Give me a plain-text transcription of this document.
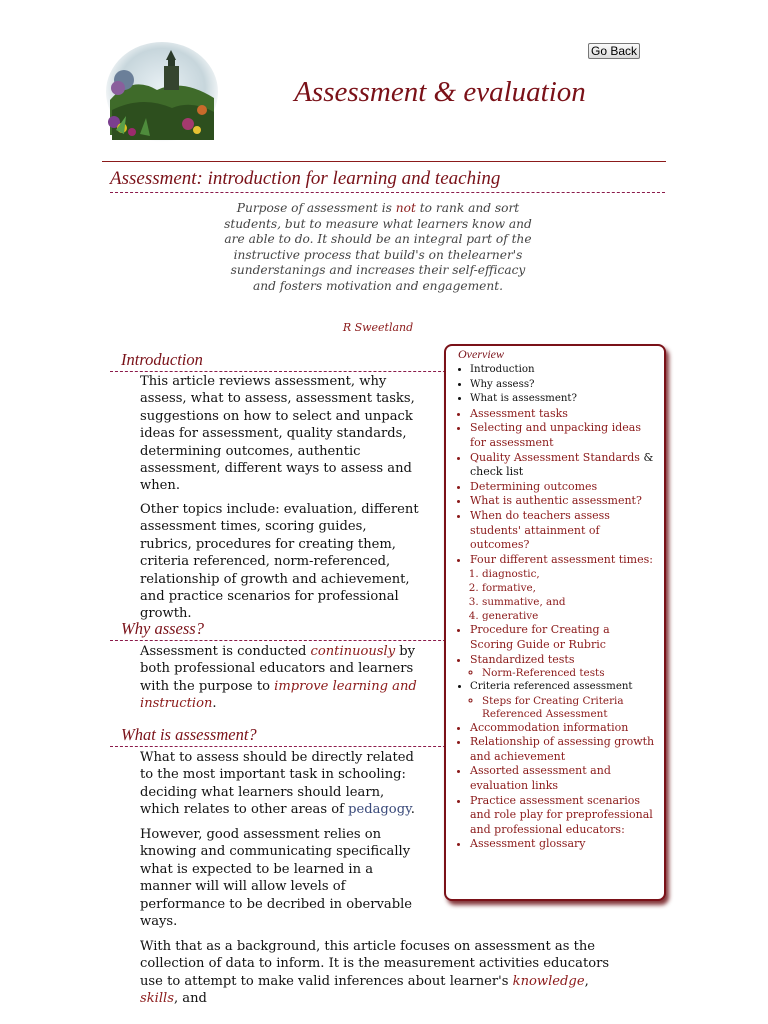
Go Back
Assessment & evaluation
Assessment: introduction for learning and teaching
Purpose of assessment is not to rank and sort students, but to measure what learners know and are able to do. It should be an integral part of the instructive process that build's on thelearner's sunderstanings and increases their self-efficacy and fosters motivation and engagement.
R Sweetland
Introduction

This article reviews assessment, why assess, what to assess, assessment tasks, suggestions on how to select and unpack ideas for assessment, quality standards, determining outcomes, authentic assessment, different ways to assess and when.

Other topics include: evaluation, different assessment times, scoring guides, rubrics, procedures for creating them, criteria referenced, norm-referenced, relationship of growth and achievement, and practice scenarios for professional growth.

Why assess?

Assessment is conducted continuously by both professional educators and learners with the purpose to improve learning and instruction.

What is assessment?

What to assess should be directly related to the most important task in schooling: deciding what learners should learn, which relates to other areas of pedagogy.

However, good assessment relies on knowing and communicating specifically what is expected to be learned in a manner will will allow levels of performance to be decribed in obervable ways.

With that as a background, this article focuses on assessment as the collection of data to inform. It is the measurement activities educators use to attempt to make valid inferences about learner's knowledge, skills, and

Overview
• Introduction
• Why assess?
• What is assessment?
• Assessment tasks
• Selecting and unpacking ideas for assessment
• Quality Assessment Standards & check list
• Determining outcomes
• What is authentic assessment?
• When do teachers assess students' attainment of outcomes?
• Four different assessment times:
1. diagnostic,
2. formative,
3. summative, and
4. generative
• Procedure for Creating a Scoring Guide or Rubric
• Standardized tests
◦ Norm-Referenced tests
• Criteria referenced assessment
◦ Steps for Creating Criteria Referenced Assessment
• Accommodation information
• Relationship of assessing growth and achievement
• Assorted assessment and evaluation links
• Practice assessment scenarios and role play for preprofessional and professional educators:
• Assessment glossary
